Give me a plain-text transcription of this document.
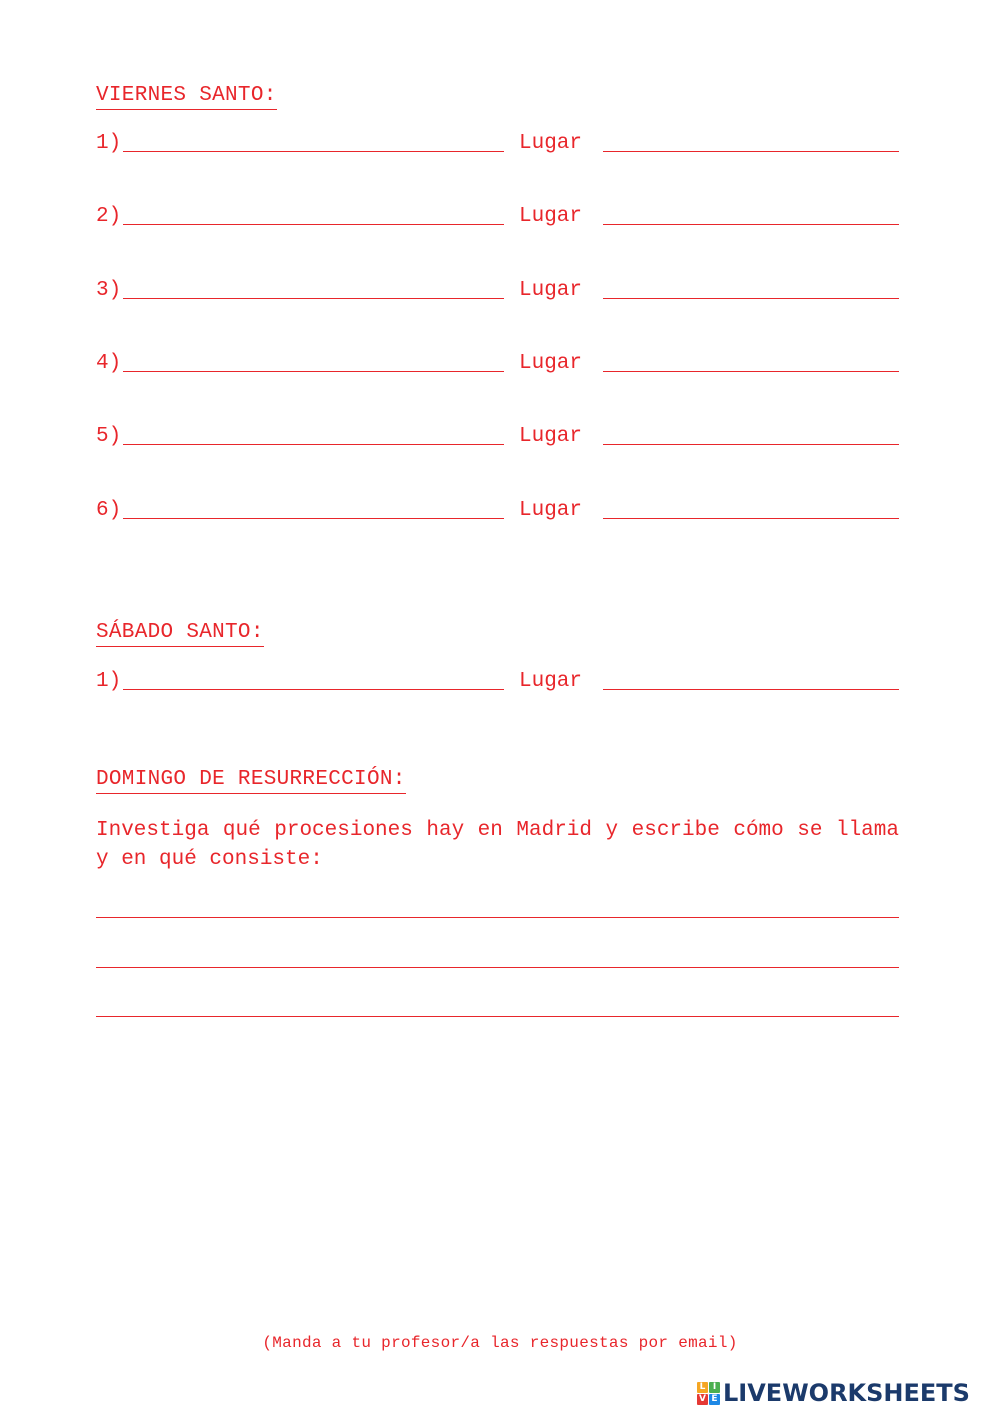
VIERNES SANTO:
1)	Lugar
2)	Lugar
3)	Lugar
4)	Lugar
5)	Lugar
6)	Lugar
SÁBADO SANTO:
1)	Lugar
DOMINGO DE RESURRECCIÓN:
Investiga qué procesiones hay en Madrid y escribe cómo se llama y en qué consiste:
(Manda a tu profesor/a las respuestas por email)
L I
V E LIVEWORKSHEETS
